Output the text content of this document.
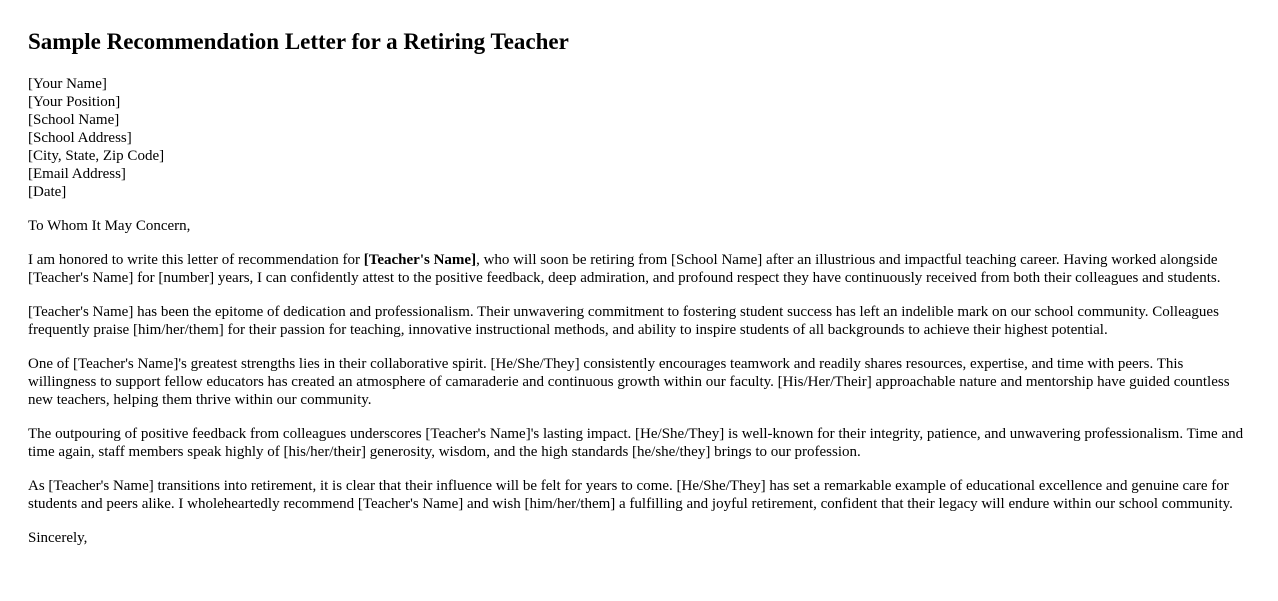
Sample Recommendation Letter for a Retiring Teacher
[Your Name]
[Your Position]
[School Name]
[School Address]
[City, State, Zip Code]
[Email Address]
[Date]

To Whom It May Concern,

I am honored to write this letter of recommendation for [Teacher's Name], who will soon be retiring from [School Name] after an illustrious and impactful teaching career. Having worked alongside [Teacher's Name] for [number] years, I can confidently attest to the positive feedback, deep admiration, and profound respect they have continuously received from both their colleagues and students.

[Teacher's Name] has been the epitome of dedication and professionalism. Their unwavering commitment to fostering student success has left an indelible mark on our school community. Colleagues frequently praise [him/her/them] for their passion for teaching, innovative instructional methods, and ability to inspire students of all backgrounds to achieve their highest potential.

One of [Teacher's Name]'s greatest strengths lies in their collaborative spirit. [He/She/They] consistently encourages teamwork and readily shares resources, expertise, and time with peers. This willingness to support fellow educators has created an atmosphere of camaraderie and continuous growth within our faculty. [His/Her/Their] approachable nature and mentorship have guided countless new teachers, helping them thrive within our community.

The outpouring of positive feedback from colleagues underscores [Teacher's Name]'s lasting impact. [He/She/They] is well-known for their integrity, patience, and unwavering professionalism. Time and time again, staff members speak highly of [his/her/their] generosity, wisdom, and the high standards [he/she/they] brings to our profession.

As [Teacher's Name] transitions into retirement, it is clear that their influence will be felt for years to come. [He/She/They] has set a remarkable example of educational excellence and genuine care for students and peers alike. I wholeheartedly recommend [Teacher's Name] and wish [him/her/them] a fulfilling and joyful retirement, confident that their legacy will endure within our school community.

Sincerely,
